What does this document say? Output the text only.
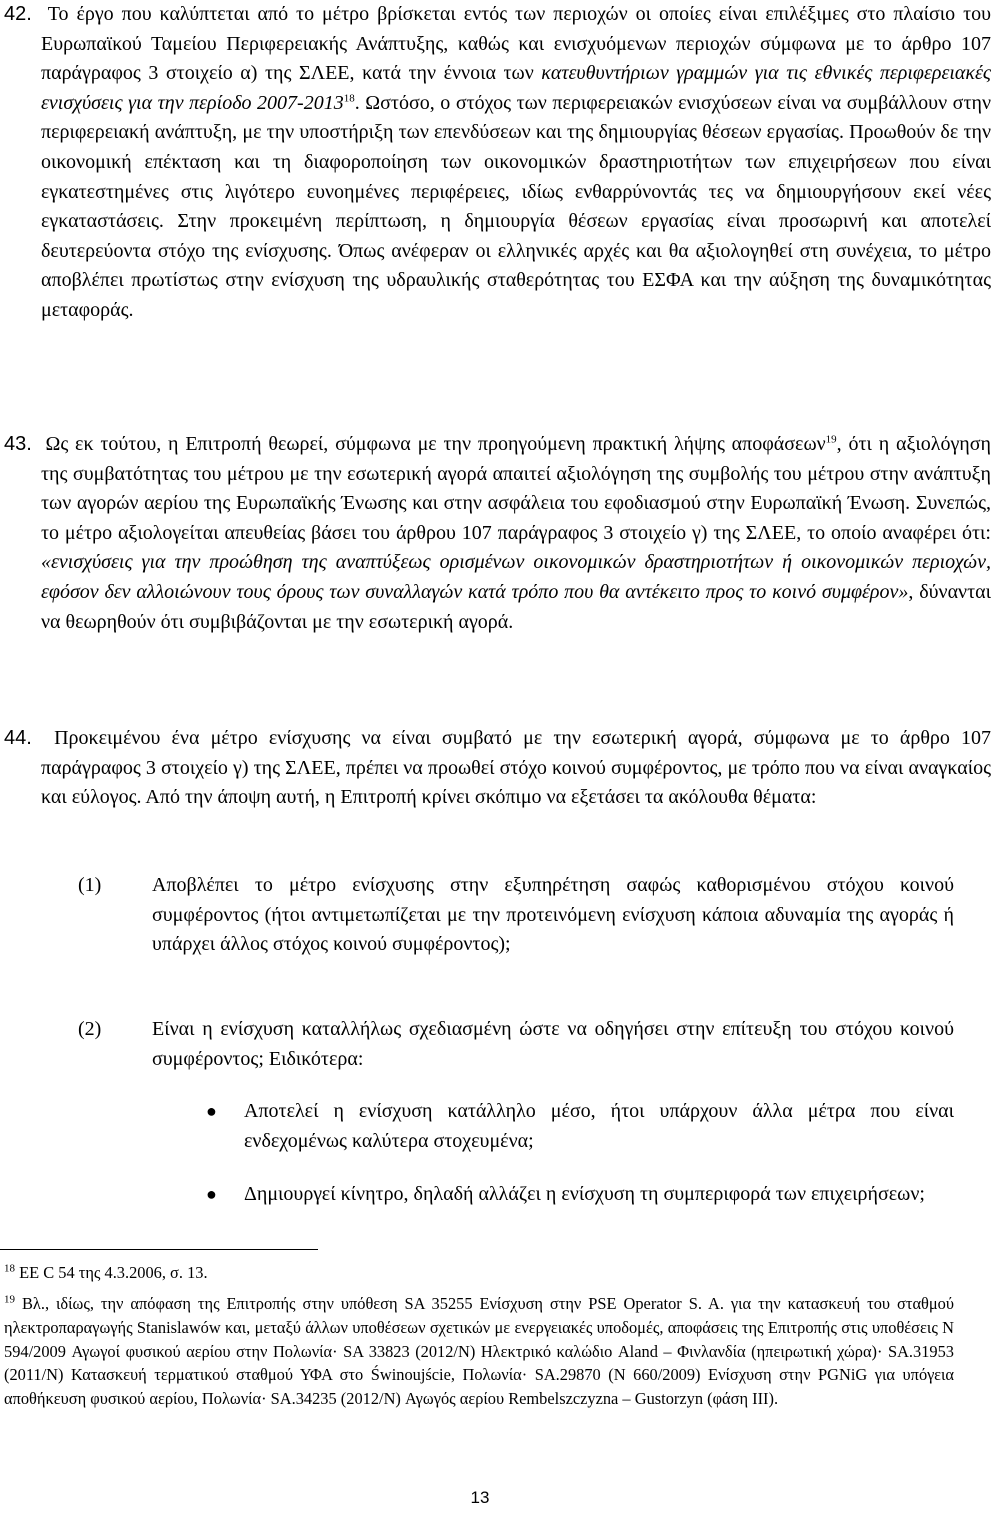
42. Το έργο που καλύπτεται από το μέτρο βρίσκεται εντός των περιοχών οι οποίες είναι επιλέξιμες στο πλαίσιο του Ευρωπαϊκού Ταμείου Περιφερειακής Ανάπτυξης, καθώς και ενισχυόμενων περιοχών σύμφωνα με το άρθρο 107 παράγραφος 3 στοιχείο α) της ΣΛΕΕ, κατά την έννοια των κατευθυντήριων γραμμών για τις εθνικές περιφερειακές ενισχύσεις για την περίοδο 2007-2013$^{18}$. Ωστόσο, ο στόχος των περιφερειακών ενισχύσεων είναι να συμβάλλουν στην περιφερειακή ανάπτυξη, με την υποστήριξη των επενδύσεων και της δημιουργίας θέσεων εργασίας. Προωθούν δε την οικονομική επέκταση και τη διαφοροποίηση των οικονομικών δραστηριοτήτων των επιχειρήσεων που είναι εγκατεστημένες στις λιγότερο ευνοημένες περιφέρειες, ιδίως ενθαρρύνοντάς τες να δημιουργήσουν εκεί νέες εγκαταστάσεις. Στην προκειμένη περίπτωση, η δημιουργία θέσεων εργασίας είναι προσωρινή και αποτελεί δευτερεύοντα στόχο της ενίσχυσης. Όπως ανέφεραν οι ελληνικές αρχές και θα αξιολογηθεί στη συνέχεια, το μέτρο αποβλέπει πρωτίστως στην ενίσχυση της υδραυλικής σταθερότητας του ΕΣΦΑ και την αύξηση της δυναμικότητας μεταφοράς.
43. Ως εκ τούτου, η Επιτροπή θεωρεί, σύμφωνα με την προηγούμενη πρακτική λήψης αποφάσεων$^{19}$, ότι η αξιολόγηση της συμβατότητας του μέτρου με την εσωτερική αγορά απαιτεί αξιολόγηση της συμβολής του μέτρου στην ανάπτυξη των αγορών αερίου της Ευρωπαϊκής Ένωσης και στην ασφάλεια του εφοδιασμού στην Ευρωπαϊκή Ένωση. Συνεπώς, το μέτρο αξιολογείται απευθείας βάσει του άρθρου 107 παράγραφος 3 στοιχείο γ) της ΣΛΕΕ, το οποίο αναφέρει ότι: «ενισχύσεις για την προώθηση της αναπτύξεως ορισμένων οικονομικών δραστηριοτήτων ή οικονομικών περιοχών, εφόσον δεν αλλοιώνουν τους όρους των συναλλαγών κατά τρόπο που θα αντέκειτο προς το κοινό συμφέρον», δύνανται να θεωρηθούν ότι συμβιβάζονται με την εσωτερική αγορά.
44. Προκειμένου ένα μέτρο ενίσχυσης να είναι συμβατό με την εσωτερική αγορά, σύμφωνα με το άρθρο 107 παράγραφος 3 στοιχείο γ) της ΣΛΕΕ, πρέπει να προωθεί στόχο κοινού συμφέροντος, με τρόπο που να είναι αναγκαίος και εύλογος. Από την άποψη αυτή, η Επιτροπή κρίνει σκόπιμο να εξετάσει τα ακόλουθα θέματα:
(1)	Αποβλέπει το μέτρο ενίσχυσης στην εξυπηρέτηση σαφώς καθορισμένου στόχου κοινού συμφέροντος (ήτοι αντιμετωπίζεται με την προτεινόμενη ενίσχυση κάποια αδυναμία της αγοράς ή υπάρχει άλλος στόχος κοινού συμφέροντος);
(2)	Είναι η ενίσχυση καταλλήλως σχεδιασμένη ώστε να οδηγήσει στην επίτευξη του στόχου κοινού συμφέροντος; Ειδικότερα:
● Αποτελεί η ενίσχυση κατάλληλο μέσο, ήτοι υπάρχουν άλλα μέτρα που είναι ενδεχομένως καλύτερα στοχευμένα;
● Δημιουργεί κίνητρο, δηλαδή αλλάζει η ενίσχυση τη συμπεριφορά των επιχειρήσεων;
$^{18}$ ΕΕ C 54 της 4.3.2006, σ. 13.
$^{19}$ Βλ., ιδίως, την απόφαση της Επιτροπής στην υπόθεση SA 35255 Ενίσχυση στην PSE Operator S. A. για την κατασκευή του σταθμού ηλεκτροπαραγωγής Stanislawów και, μεταξύ άλλων υποθέσεων σχετικών με ενεργειακές υποδομές, αποφάσεις της Επιτροπής στις υποθέσεις N 594/2009 Αγωγοί φυσικού αερίου στην Πολωνία· SA 33823 (2012/N) Ηλεκτρικό καλώδιο Aland – Φινλανδία (ηπειρωτική χώρα)· SA.31953 (2011/N) Κατασκευή τερματικού σταθμού ΥΦΑ στο Świnoujście, Πολωνία· SA.29870 (N 660/2009) Ενίσχυση στην PGNiG για υπόγεια αποθήκευση φυσικού αερίου, Πολωνία· SA.34235 (2012/N) Αγωγός αερίου Rembelszczyzna – Gustorzyn (φάση III).
13
